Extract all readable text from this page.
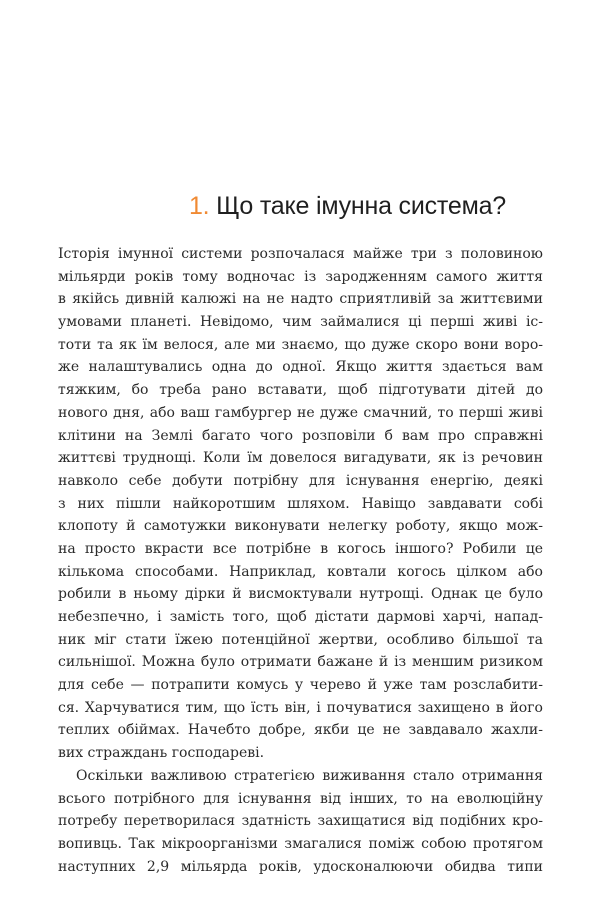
1. Що таке імунна система?
Історія імунної системи розпочалася майже три з половиною
мільярди років тому водночас із зародженням самого життя
в якійсь дивній калюжі на не надто сприятливій за життєвими
умовами планеті. Невідомо, чим займалися ці перші живі іс-
тоти та як їм велося, але ми знаємо, що дуже скоро вони воро-
же налаштувались одна до одної. Якщо життя здається вам
тяжким, бо треба рано вставати, щоб підготувати дітей до
нового дня, або ваш гамбургер не дуже смачний, то перші живі
клітини на Землі багато чого розповіли б вам про справжні
життєві труднощі. Коли їм довелося вигадувати, як із речовин
навколо себе добути потрібну для існування енергію, деякі
з них пішли найкоротшим шляхом. Навіщо завдавати собі
клопоту й самотужки виконувати нелегку роботу, якщо мож-
на просто вкрасти все потрібне в когось іншого? Робили це
кількома способами. Наприклад, ковтали когось цілком або
робили в ньому дірки й висмоктували нутрощі. Однак це було
небезпечно, і замість того, щоб дістати дармові харчі, напад-
ник міг стати їжею потенційної жертви, особливо більшої та
сильнішої. Можна було отримати бажане й із меншим ризиком
для себе — потрапити комусь у черево й уже там розслабити-
ся. Харчуватися тим, що їсть він, і почуватися захищено в його
теплих обіймах. Начебто добре, якби це не завдавало жахли-
вих страждань господареві.
Оскільки важливою стратегією виживання стало отримання
всього потрібного для існування від інших, то на еволюційну
потребу перетворилася здатність захищатися від подібних кро-
вопивць. Так мікроорганізми змагалися поміж собою протягом
наступних 2,9 мільярда років, удосконалюючи обидва типи
